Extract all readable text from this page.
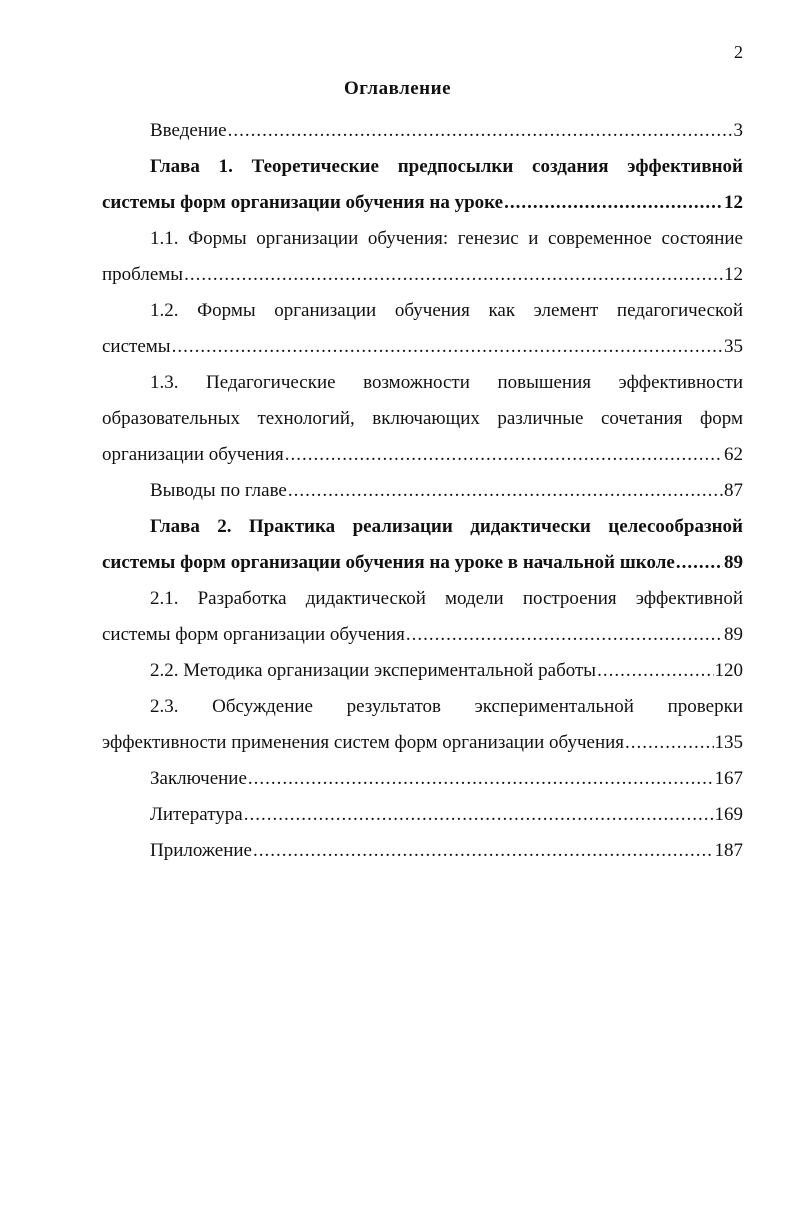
2
Оглавление
Введение .....	3
Глава 1. Теоретические предпосылки создания эффективной
системы форм организации обучения на уроке .....	12
1.1. Формы организации обучения: генезис и современное состояние
проблемы .....	12
1.2. Формы организации обучения как элемент педагогической
системы .....	35
1.3. Педагогические возможности повышения эффективности
образовательных технологий, включающих различные сочетания форм
организации обучения .....	62
Выводы по главе .....	87
Глава 2. Практика реализации дидактически целесообразной
системы форм организации обучения на уроке в начальной школе .....	89
2.1. Разработка дидактической модели построения эффективной
системы форм организации обучения .....	89
2.2. Методика организации экспериментальной работы .....	120
2.3. Обсуждение результатов экспериментальной проверки
эффективности применения систем форм организации обучения .....	135
Заключение .....	167
Литература .....	169
Приложение .....	187
